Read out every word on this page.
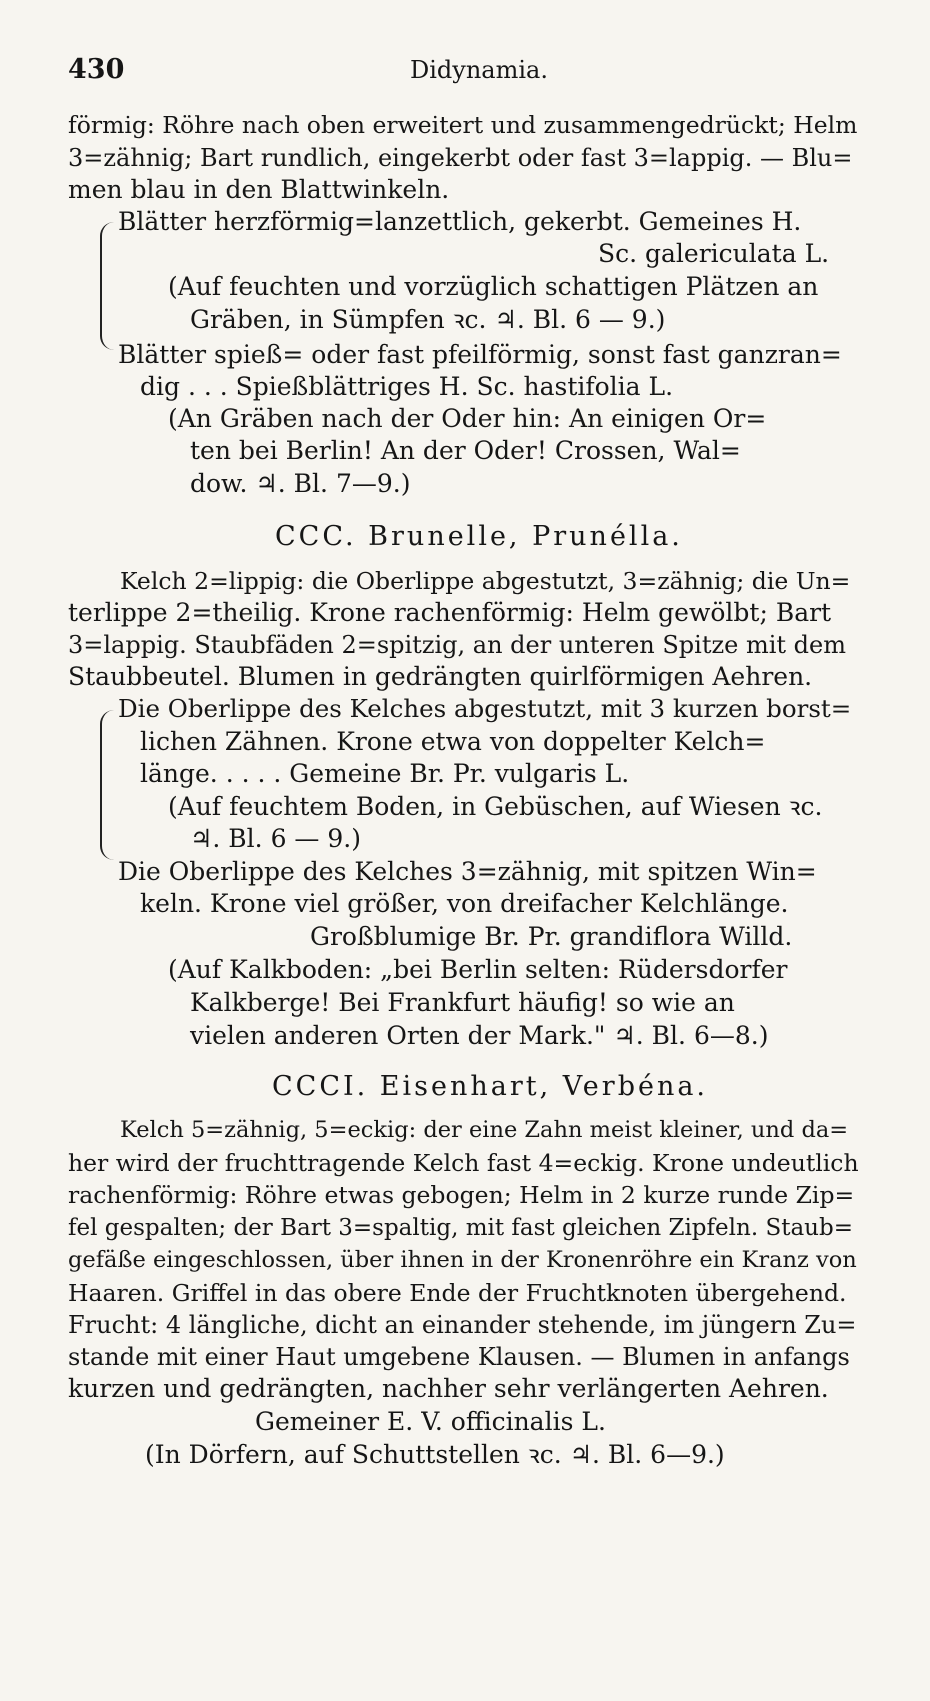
430	Didynamia.
förmig: Röhre nach oben erweitert und zusammengedrückt; Helm
3=zähnig; Bart rundlich, eingekerbt oder fast 3=lappig. — Blu=
men blau in den Blattwinkeln.
Blätter herzförmig=lanzettlich, gekerbt. Gemeines H.
Sc. galericulata L.
(Auf feuchten und vorzüglich schattigen Plätzen an
Gräben, in Sümpfen ꝛc. ♃. Bl. 6 — 9.)
Blätter spieß= oder fast pfeilförmig, sonst fast ganzran=
dig . . . Spießblättriges H. Sc. hastifolia L.
(An Gräben nach der Oder hin: An einigen Or=
ten bei Berlin! An der Oder! Crossen, Wal=
dow. ♃. Bl. 7—9.)
CCC. Brunelle, Prunélla.
Kelch 2=lippig: die Oberlippe abgestutzt, 3=zähnig; die Un=
terlippe 2=theilig. Krone rachenförmig: Helm gewölbt; Bart
3=lappig. Staubfäden 2=spitzig, an der unteren Spitze mit dem
Staubbeutel. Blumen in gedrängten quirlförmigen Aehren.
Die Oberlippe des Kelches abgestutzt, mit 3 kurzen borst=
lichen Zähnen. Krone etwa von doppelter Kelch=
länge. . . . . Gemeine Br. Pr. vulgaris L.
(Auf feuchtem Boden, in Gebüschen, auf Wiesen ꝛc.
♃. Bl. 6 — 9.)
Die Oberlippe des Kelches 3=zähnig, mit spitzen Win=
keln. Krone viel größer, von dreifacher Kelchlänge.
Großblumige Br. Pr. grandiflora Willd.
(Auf Kalkboden: „bei Berlin selten: Rüdersdorfer
Kalkberge! Bei Frankfurt häufig! so wie an
vielen anderen Orten der Mark." ♃. Bl. 6—8.)
CCCI. Eisenhart, Verbéna.
Kelch 5=zähnig, 5=eckig: der eine Zahn meist kleiner, und da=
her wird der fruchttragende Kelch fast 4=eckig. Krone undeutlich
rachenförmig: Röhre etwas gebogen; Helm in 2 kurze runde Zip=
fel gespalten; der Bart 3=spaltig, mit fast gleichen Zipfeln. Staub=
gefäße eingeschlossen, über ihnen in der Kronenröhre ein Kranz von
Haaren. Griffel in das obere Ende der Fruchtknoten übergehend.
Frucht: 4 längliche, dicht an einander stehende, im jüngern Zu=
stande mit einer Haut umgebene Klausen. — Blumen in anfangs
kurzen und gedrängten, nachher sehr verlängerten Aehren.
Gemeiner E. V. officinalis L.
(In Dörfern, auf Schuttstellen ꝛc. ♃. Bl. 6—9.)
